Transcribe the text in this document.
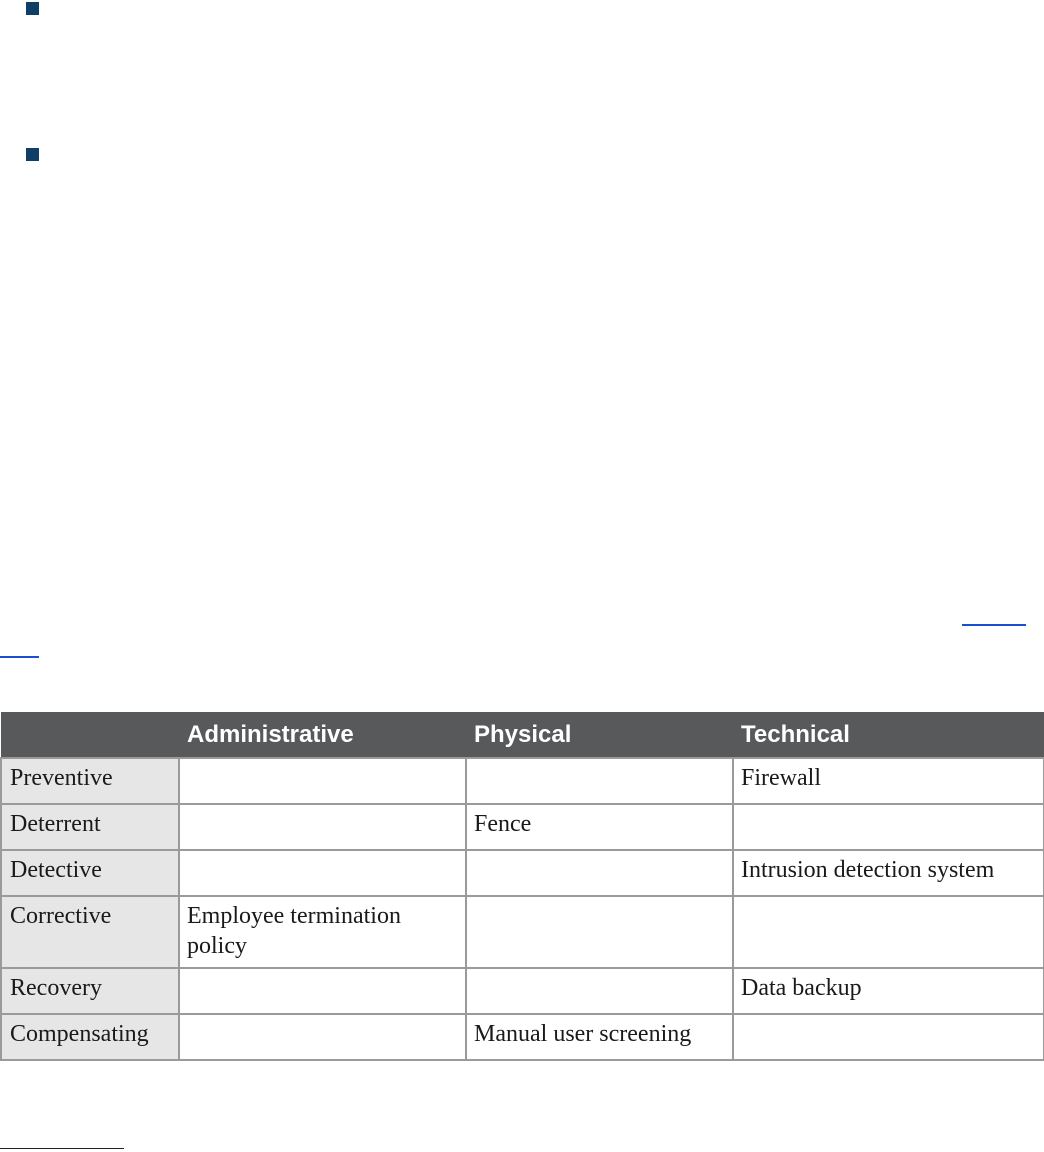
	Administrative	Physical	Technical
Preventive			Firewall
Deterrent		Fence	
Detective			Intrusion detection system
Corrective	Employee termination policy		
Recovery			Data backup
Compensating		Manual user screening	
